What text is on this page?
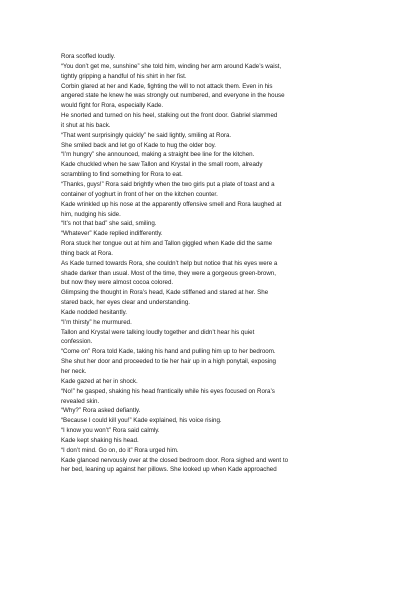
Rora scoffed loudly.
“You don’t get me, sunshine” she told him, winding her arm around Kade’s waist,
tightly gripping a handful of his shirt in her fist.
Corbin glared at her and Kade, fighting the will to not attack them. Even in his
angered state he knew he was strongly out numbered, and everyone in the house
would fight for Rora, especially Kade.
He snorted and turned on his heel, stalking out the front door. Gabriel slammed
it shut at his back.
“That went surprisingly quickly” he said lightly, smiling at Rora.
She smiled back and let go of Kade to hug the older boy.
“I’m hungry” she announced, making a straight bee line for the kitchen.
Kade chuckled when he saw Tallon and Krystal in the small room, already
scrambling to find something for Rora to eat.
“Thanks, guys!” Rora said brightly when the two girls put a plate of toast and a
container of yoghurt in front of her on the kitchen counter.
Kade wrinkled up his nose at the apparently offensive smell and Rora laughed at
him, nudging his side.
“It’s not that bad” she said, smiling.
“Whatever” Kade replied indifferently.
Rora stuck her tongue out at him and Tallon giggled when Kade did the same
thing back at Rora.
As Kade turned towards Rora, she couldn’t help but notice that his eyes were a
shade darker than usual. Most of the time, they were a gorgeous green-brown,
but now they were almost cocoa colored.
Glimpsing the thought in Rora’s head, Kade stiffened and stared at her. She
stared back, her eyes clear and understanding.
Kade nodded hesitantly.
“I’m thirsty” he murmured.
Tallon and Krystal were talking loudly together and didn’t hear his quiet
confession.
“Come on” Rora told Kade, taking his hand and pulling him up to her bedroom.
She shut her door and proceeded to tie her hair up in a high ponytail, exposing
her neck.
Kade gazed at her in shock.
“No!” he gasped, shaking his head frantically while his eyes focused on Rora’s
revealed skin.
“Why?” Rora asked defiantly.
“Because I could kill you!” Kade explained, his voice rising.
“I know you won’t” Rora said calmly.
Kade kept shaking his head.
“I don’t mind. Go on, do it” Rora urged him.
Kade glanced nervously over at the closed bedroom door. Rora sighed and went to
her bed, leaning up against her pillows. She looked up when Kade approached
